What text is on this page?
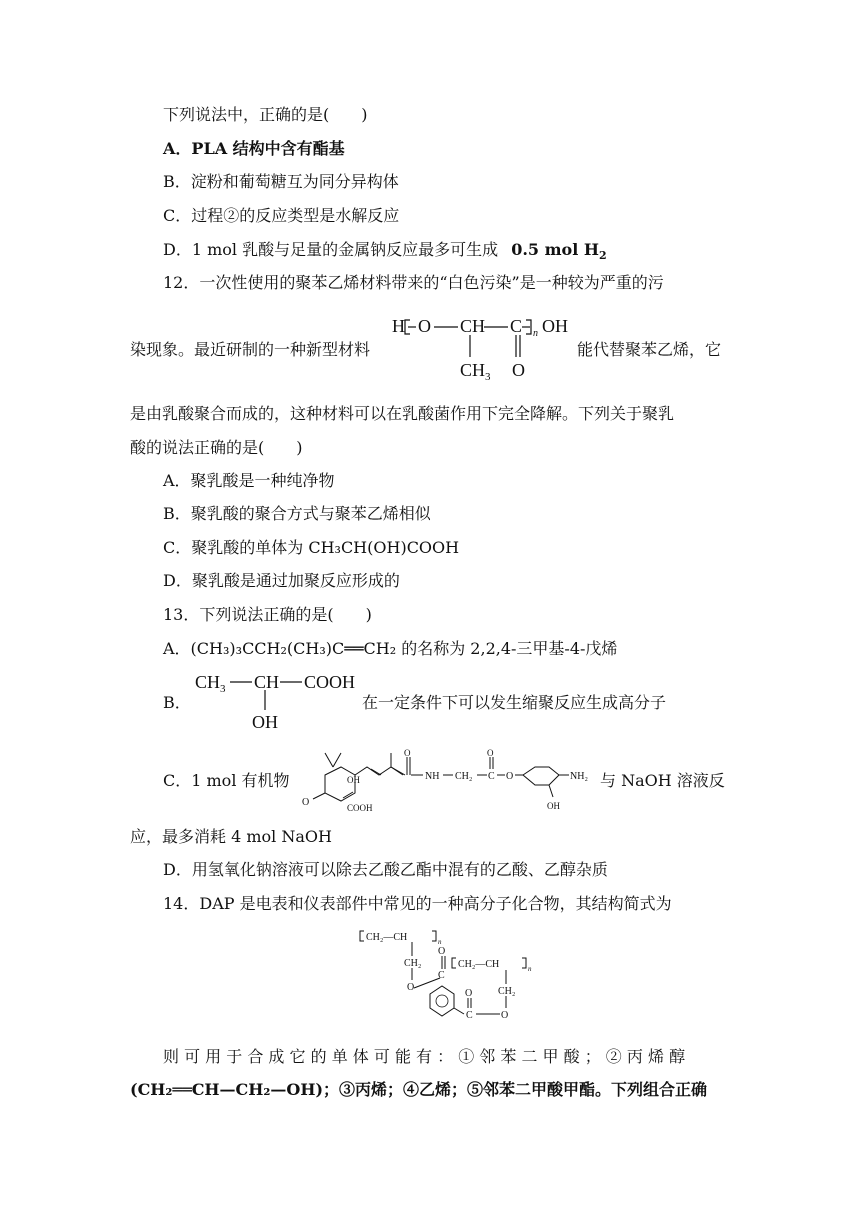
下列说法中，正确的是(　　)
A．PLA 结构中含有酯基
B．淀粉和葡萄糖互为同分异构体
C．过程②的反应类型是水解反应
D．1 mol 乳酸与足量的金属钠反应最多可生成 0.5 mol $H_2$
12．一次性使用的聚苯乙烯材料带来的“白色污染”是一种较为严重的污
染现象。最近研制的一种新型材料
H O CH C n OH
$CH_3$ O
能代替聚苯乙烯，它
是由乳酸聚合而成的，这种材料可以在乳酸菌作用下完全降解。下列关于聚乳
酸的说法正确的是(　　)
A．聚乳酸是一种纯净物
B．聚乳酸的聚合方式与聚苯乙烯相似
C．聚乳酸的单体为 CH₃CH(OH)COOH
D．聚乳酸是通过加聚反应形成的
13．下列说法正确的是(　　)
A．(CH₃)₃CCH₂(CH₃)C══CH₂ 的名称为 2,2,4-三甲基-4-戊烯
B．
$CH_3$ CH COOH
OH
在一定条件下可以发生缩聚反应生成高分子
C．1 mol 有机物
O	COOH
OH
O
NH CH₂ C
O
O	NH₂
OH
与 NaOH 溶液反
应，最多消耗 4 mol NaOH
D．用氢氧化钠溶液可以除去乙酸乙酯中混有的乙酸、乙醇杂质
14．DAP 是电表和仪表部件中常见的一种高分子化合物，其结构简式为
CH₂—CH	n
CH₂
O
C
O
CH₂—CH	n
CH₂
O
C
O
则 可 用 于 合 成 它 的 单 体 可 能 有 ： ① 邻 苯 二 甲 酸 ； ② 丙 烯 醇
(CH₂══CH—CH₂—OH)；③丙烯；④乙烯；⑤邻苯二甲酸甲酯。下列组合正确
